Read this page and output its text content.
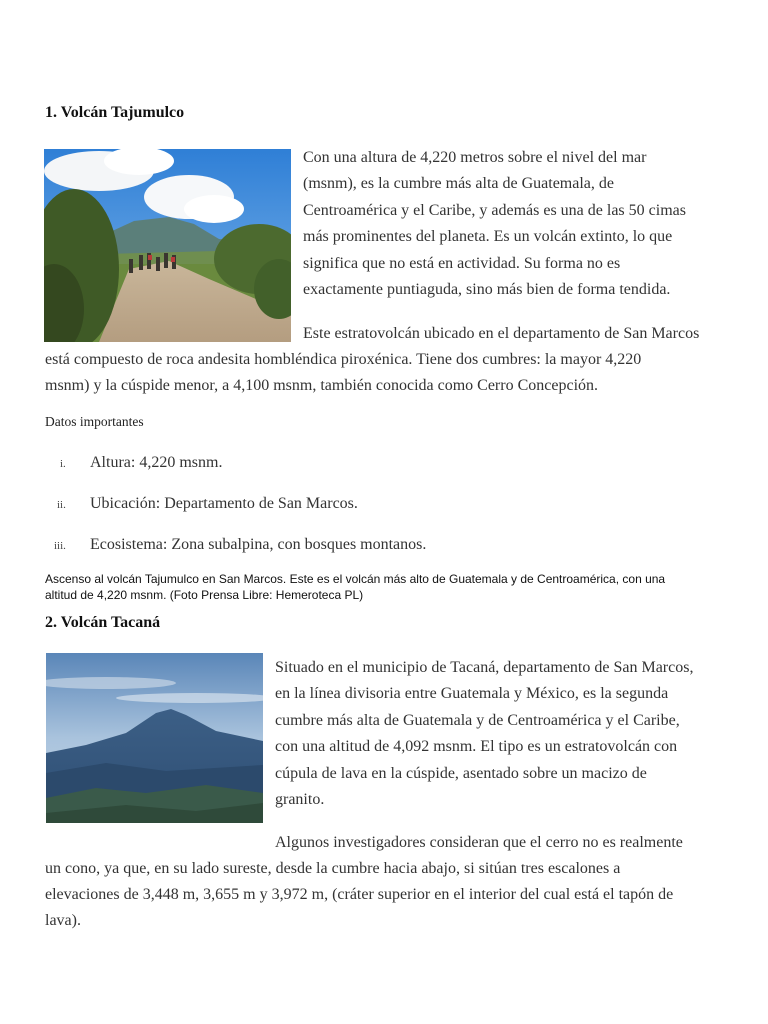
1. Volcán Tajumulco
Con una altura de 4,220 metros sobre el nivel del mar
(msnm), es la cumbre más alta de Guatemala, de
Centroamérica y el Caribe, y además es una de las 50 cimas
más prominentes del planeta. Es un volcán extinto, lo que
significa que no está en actividad. Su forma no es
exactamente puntiaguda, sino más bien de forma tendida.
Este estratovolcán ubicado en el departamento de San Marcos
está compuesto de roca andesita hombléndica piroxénica. Tiene dos cumbres: la mayor 4,220
msnm) y la cúspide menor, a 4,100 msnm, también conocida como Cerro Concepción.
Datos importantes
i. Altura: 4,220 msnm.
ii. Ubicación: Departamento de San Marcos.
iii. Ecosistema: Zona subalpina, con bosques montanos.
Ascenso al volcán Tajumulco en San Marcos. Este es el volcán más alto de Guatemala y de Centroamérica, con una
altitud de 4,220 msnm. (Foto Prensa Libre: Hemeroteca PL)
2. Volcán Tacaná
Situado en el municipio de Tacaná, departamento de San Marcos,
en la línea divisoria entre Guatemala y México, es la segunda
cumbre más alta de Guatemala y de Centroamérica y el Caribe,
con una altitud de 4,092 msnm. El tipo es un estratovolcán con
cúpula de lava en la cúspide, asentado sobre un macizo de
granito.
Algunos investigadores consideran que el cerro no es realmente
un cono, ya que, en su lado sureste, desde la cumbre hacia abajo, si sitúan tres escalones a
elevaciones de 3,448 m, 3,655 m y 3,972 m, (cráter superior en el interior del cual está el tapón de
lava).
